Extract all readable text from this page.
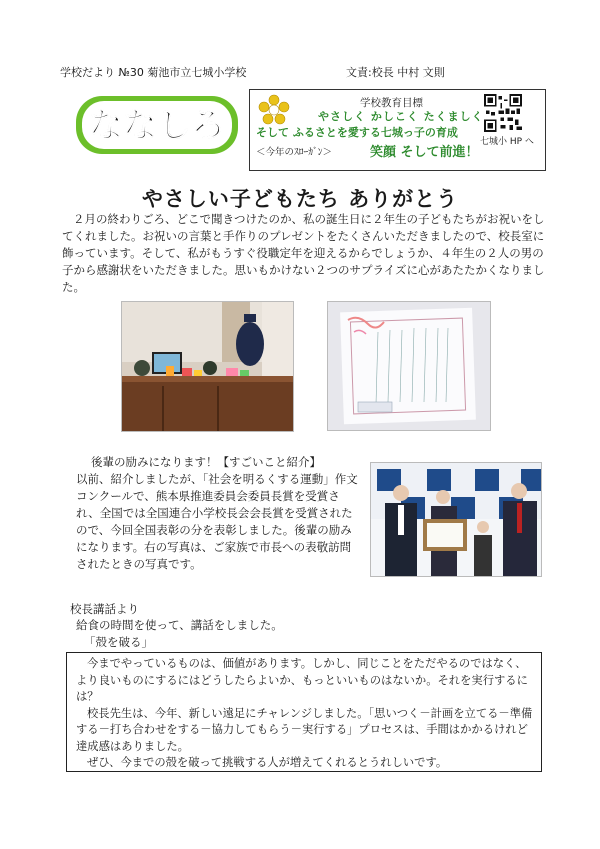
学校だより №30 菊池市立七城小学校	文責:校長 中村 文則
ななしろ
学校教育目標
やさしく かしこく たくましく
そして ふるさとを愛する七城っ子の育成
＜今年のｽﾛｰｶﾞﾝ＞	笑顔 そして前進！
七城小 HP へ
やさしい子どもたち ありがとう
２月の終わりごろ、どこで聞きつけたのか、私の誕生日に２年生の子どもたちがお祝いをしてくれました。お祝いの言葉と手作りのプレゼントをたくさんいただきましたので、校長室に飾っています。そして、私がもうすぐ役職定年を迎えるからでしょうか、４年生の２人の男の子から感謝状をいただきました。思いもかけない２つのサプライズに心があたたかくなりました。
後輩の励みになります！【すごいこと紹介】
以前、紹介しましたが、「社会を明るくする運動」作文コンクールで、熊本県推進委員会委員長賞を受賞され、全国では全国連合小学校長会会長賞を受賞されたので、今回全国表彰の分を表彰しました。後輩の励みになります。右の写真は、ご家族で市長への表敬訪問されたときの写真です。
校長講話より
給食の時間を使って、講話をしました。
「殻を破る」

今までやっているものは、価値があります。しかし、同じことをただやるのではなく、より良いものにするにはどうしたらよいか、もっといいものはないか。それを実行するには？

校長先生は、今年、新しい遠足にチャレンジしました。「思いつく－計画を立てる－準備する－打ち合わせをする－協力してもらう－実行する」プロセスは、手間はかかるけれど達成感はありました。

ぜひ、今までの殻を破って挑戦する人が増えてくれるとうれしいです。
